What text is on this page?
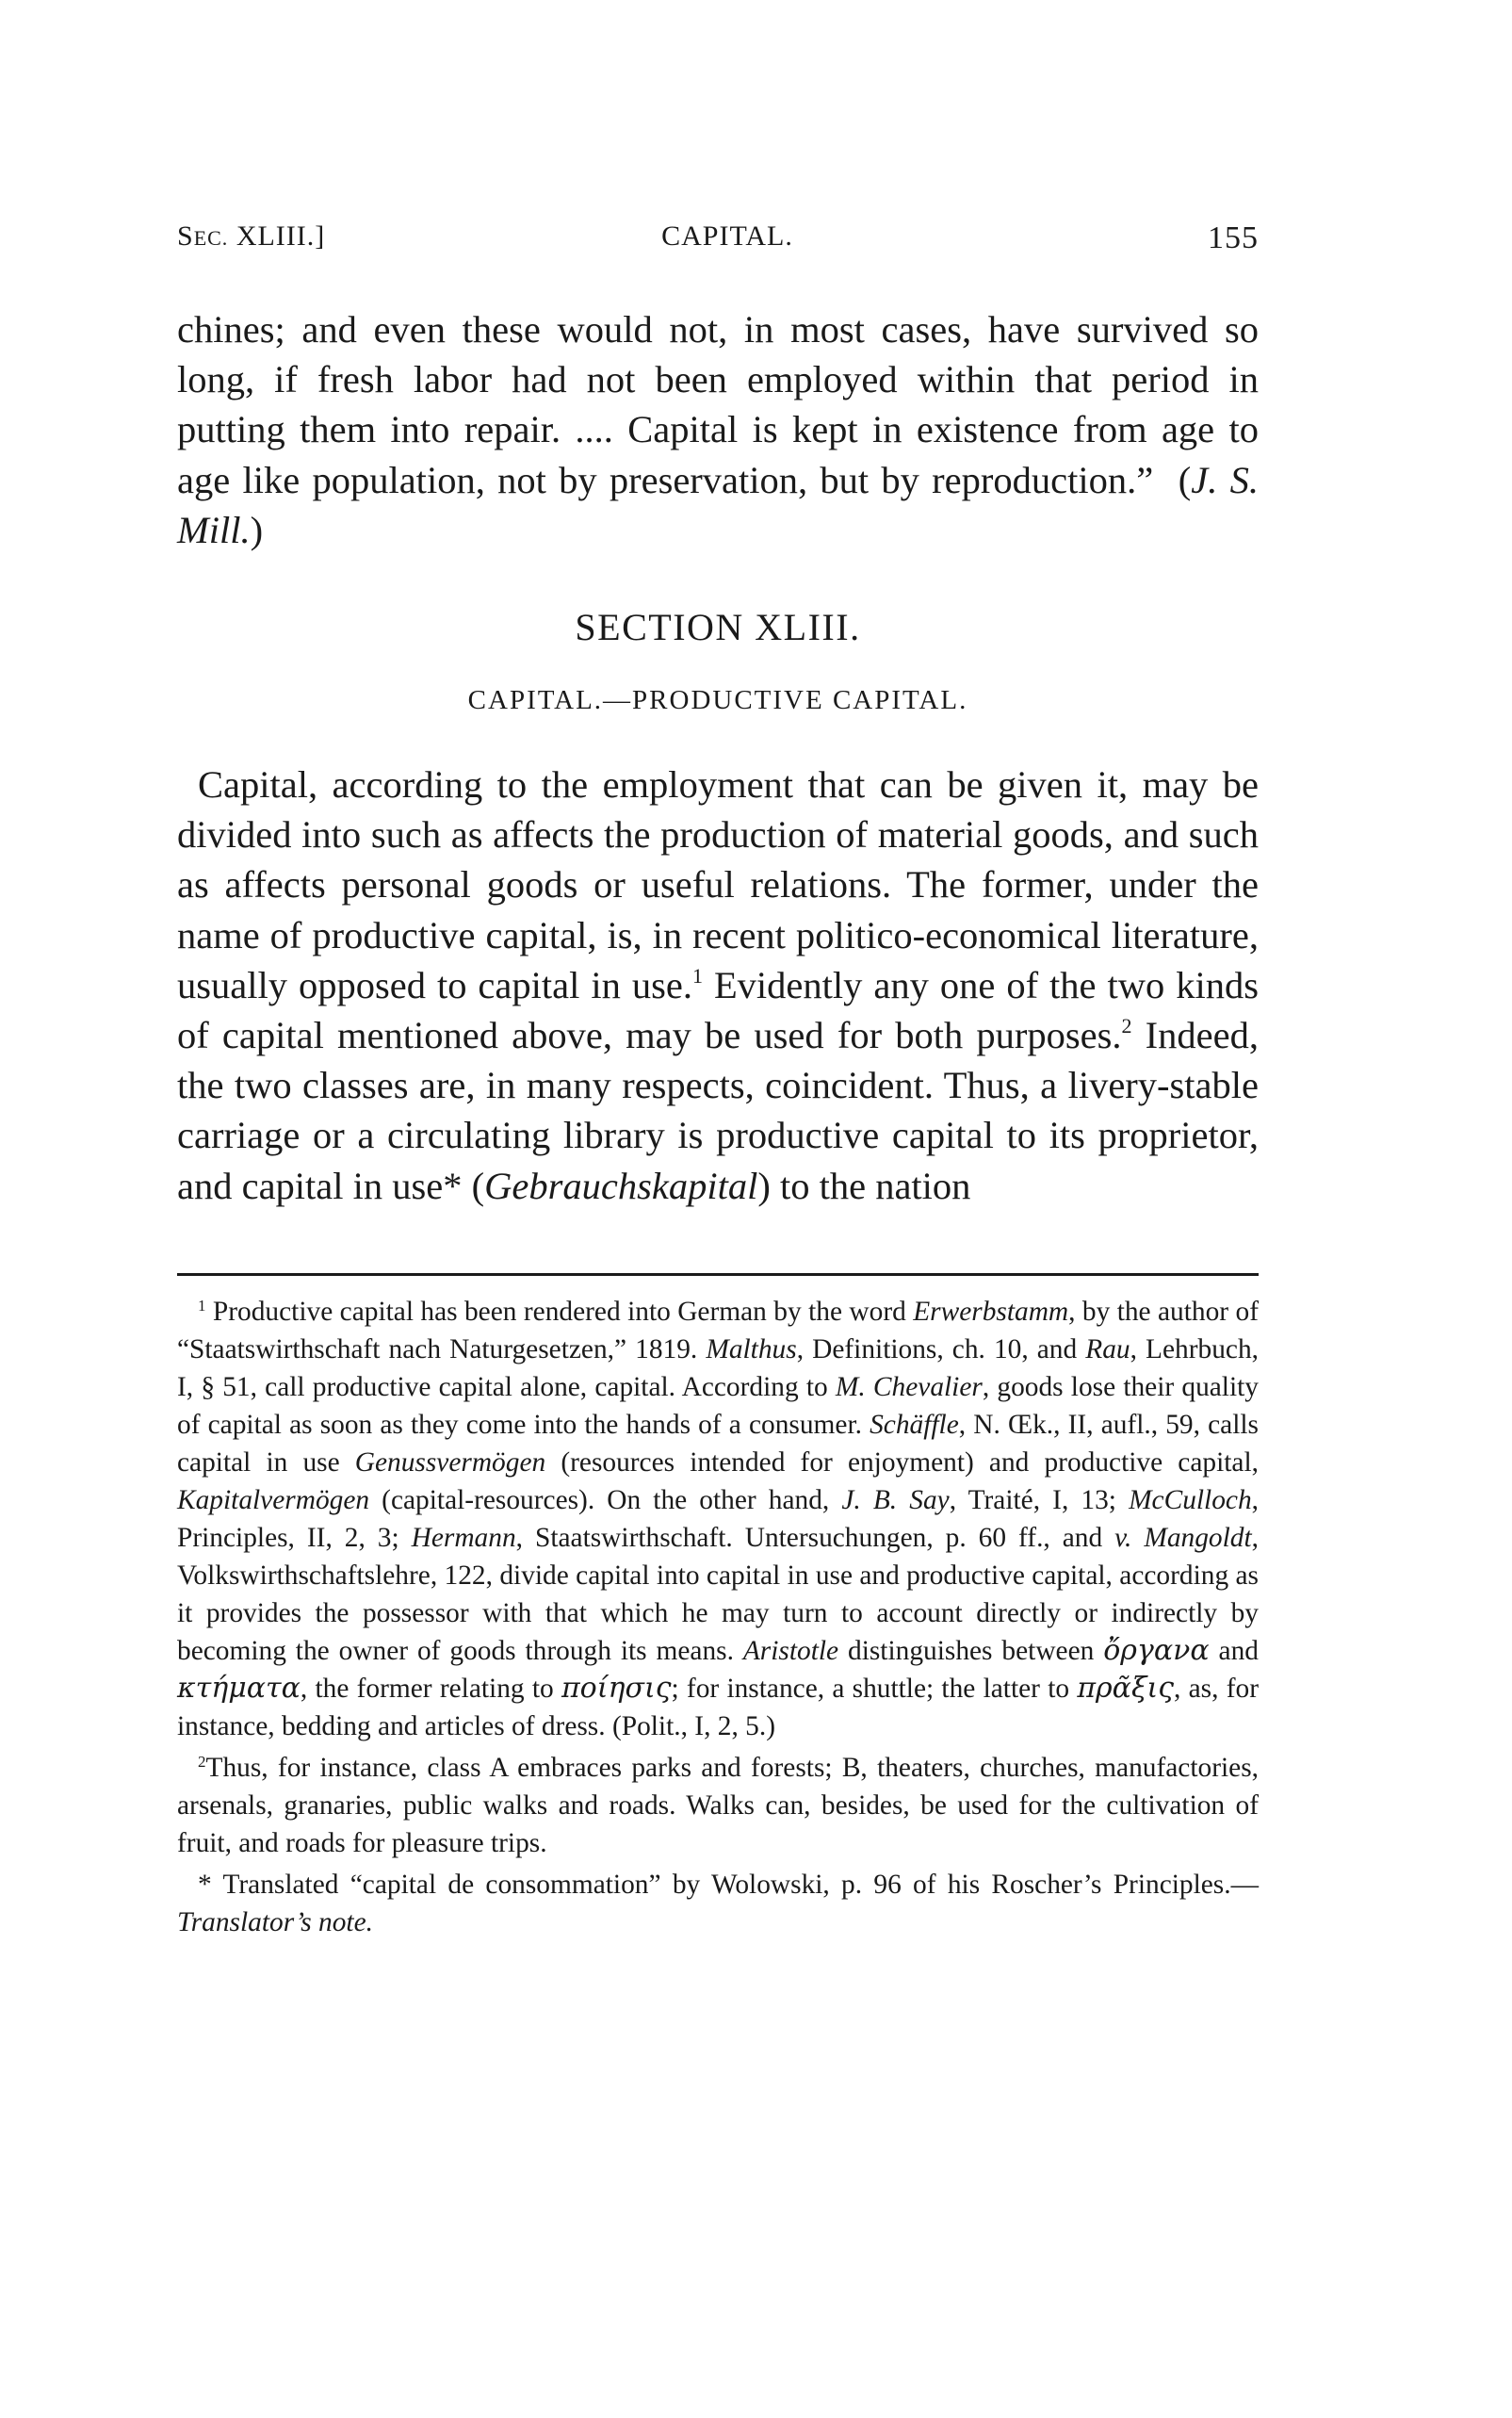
SEC. XLIII.]	CAPITAL.	155

chines; and even these would not, in most cases, have survived so long, if fresh labor had not been employed within that period in putting them into repair. .... Capital is kept in existence from age to age like population, not by preservation, but by reproduction.” (J. S. Mill.)

SECTION XLIII.
CAPITAL.—PRODUCTIVE CAPITAL.

Capital, according to the employment that can be given it, may be divided into such as affects the production of material goods, and such as affects personal goods or useful relations. The former, under the name of productive capital, is, in recent politico-economical literature, usually opposed to capital in use.$^1$ Evidently any one of the two kinds of capital mentioned above, may be used for both purposes.$^2$ Indeed, the two classes are, in many respects, coincident. Thus, a livery-stable carriage or a circulating library is productive capital to its proprietor, and capital in use* (Gebrauchskapital) to the nation

$^1$ Productive capital has been rendered into German by the word Erwerbstamm, by the author of “Staatswirthschaft nach Naturgesetzen,” 1819. Malthus, Definitions, ch. 10, and Rau, Lehrbuch, I, § 51, call productive capital alone, capital. According to M. Chevalier, goods lose their quality of capital as soon as they come into the hands of a consumer. Schäffle, N. Œk., II, aufl., 59, calls capital in use Genussvermögen (resources intended for enjoyment) and productive capital, Kapitalvermögen (capital-resources). On the other hand, J. B. Say, Traité, I, 13; McCulloch, Principles, II, 2, 3; Hermann, Staatswirthschaft. Untersuchungen, p. 60 ff., and v. Mangoldt, Volkswirthschaftslehre, 122, divide capital into capital in use and productive capital, according as it provides the possessor with that which he may turn to account directly or indirectly by becoming the owner of goods through its means. Aristotle distinguishes between ὄργανα and κτήματα, the former relating to ποίησις; for instance, a shuttle; the latter to πρᾶξις, as, for instance, bedding and articles of dress. (Polit., I, 2, 5.)

$^2$Thus, for instance, class A embraces parks and forests; B, theaters, churches, manufactories, arsenals, granaries, public walks and roads. Walks can, besides, be used for the cultivation of fruit, and roads for pleasure trips.

* Translated “capital de consommation” by Wolowski, p. 96 of his Roscher’s Principles.— Translator’s note.
